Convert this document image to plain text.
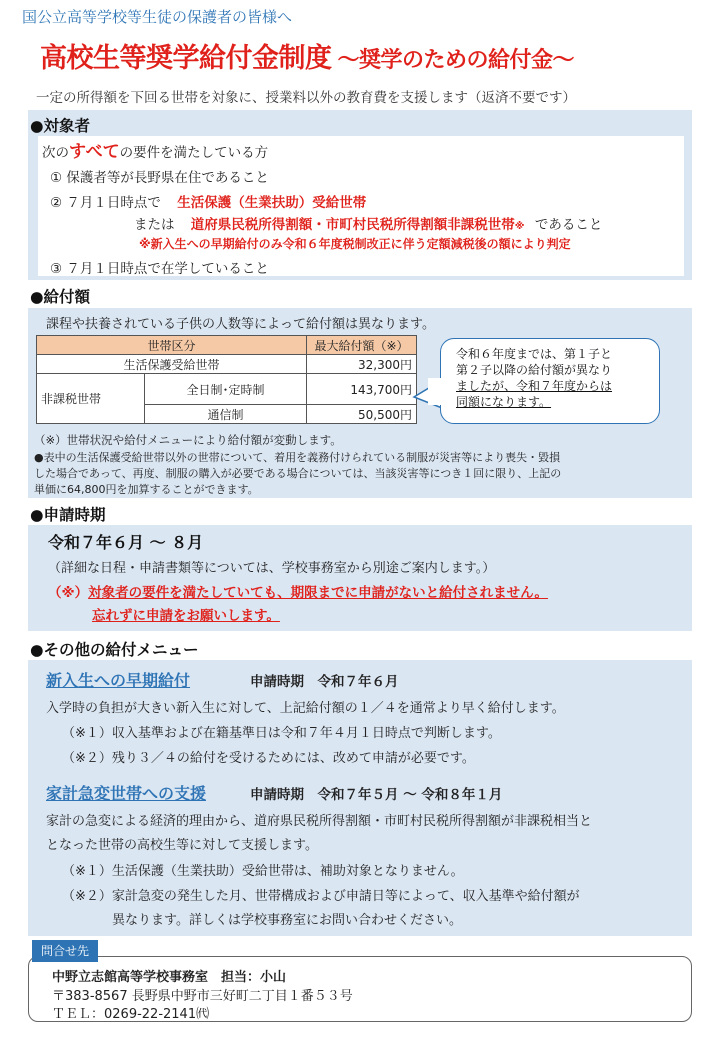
国公立高等学校等生徒の保護者の皆様へ
高校生等奨学給付金制度 ～奨学のための給付金～
一定の所得額を下回る世帯を対象に、授業料以外の教育費を支援します（返済不要です）
●対象者
次のすべての要件を満たしている方
① 保護者等が長野県在住であること
② ７月１日時点で 生活保護（生業扶助）受給世帯
または 道府県民税所得割額・市町村民税所得割額非課税世帯※ であること
※新入生への早期給付のみ令和６年度税制改正に伴う定額減税後の額により判定
③ ７月１日時点で在学していること
●給付額
課程や扶養されている子供の人数等によって給付額は異なります。
世帯区分		最大給付額（※）
生活保護受給世帯		32,300円
非課税世帯	全日制･定時制	143,700円
	通信制	50,500円
令和６年度までは、第１子と
第２子以降の給付額が異なり
ましたが、令和７年度からは
同額になります。
（※）世帯状況や給付メニューにより給付額が変動します。
●表中の生活保護受給世帯以外の世帯について、着用を義務付けられている制服が災害等により喪失・毀損
した場合であって、再度、制服の購入が必要である場合については、当該災害等につき１回に限り、上記の
単価に64,800円を加算することができます。
●申請時期
令和７年６月 ～ ８月
（詳細な日程・申請書類等については、学校事務室から別途ご案内します。）
（※）対象者の要件を満たしていても、期限までに申請がないと給付されません。
忘れずに申請をお願いします。
●その他の給付メニュー
新入生への早期給付	申請時期　令和７年６月
入学時の負担が大きい新入生に対して、上記給付額の１／４を通常より早く給付します。
（※１）収入基準および在籍基準日は令和７年４月１日時点で判断します。
（※２）残り３／４の給付を受けるためには、改めて申請が必要です。
家計急変世帯への支援	申請時期　令和７年５月 ～ 令和８年１月
家計の急変による経済的理由から、道府県民税所得割額・市町村民税所得割額が非課税相当と
となった世帯の高校生等に対して支援します。
（※１）生活保護（生業扶助）受給世帯は、補助対象となりません。
（※２）家計急変の発生した月、世帯構成および申請日等によって、収入基準や給付額が
異なります。詳しくは学校事務室にお問い合わせください。
問合せ先
中野立志館高等学校事務室　担当：小山
〒383-8567 長野県中野市三好町二丁目１番５３号
ＴＥＬ：0269-22-2141㈹
